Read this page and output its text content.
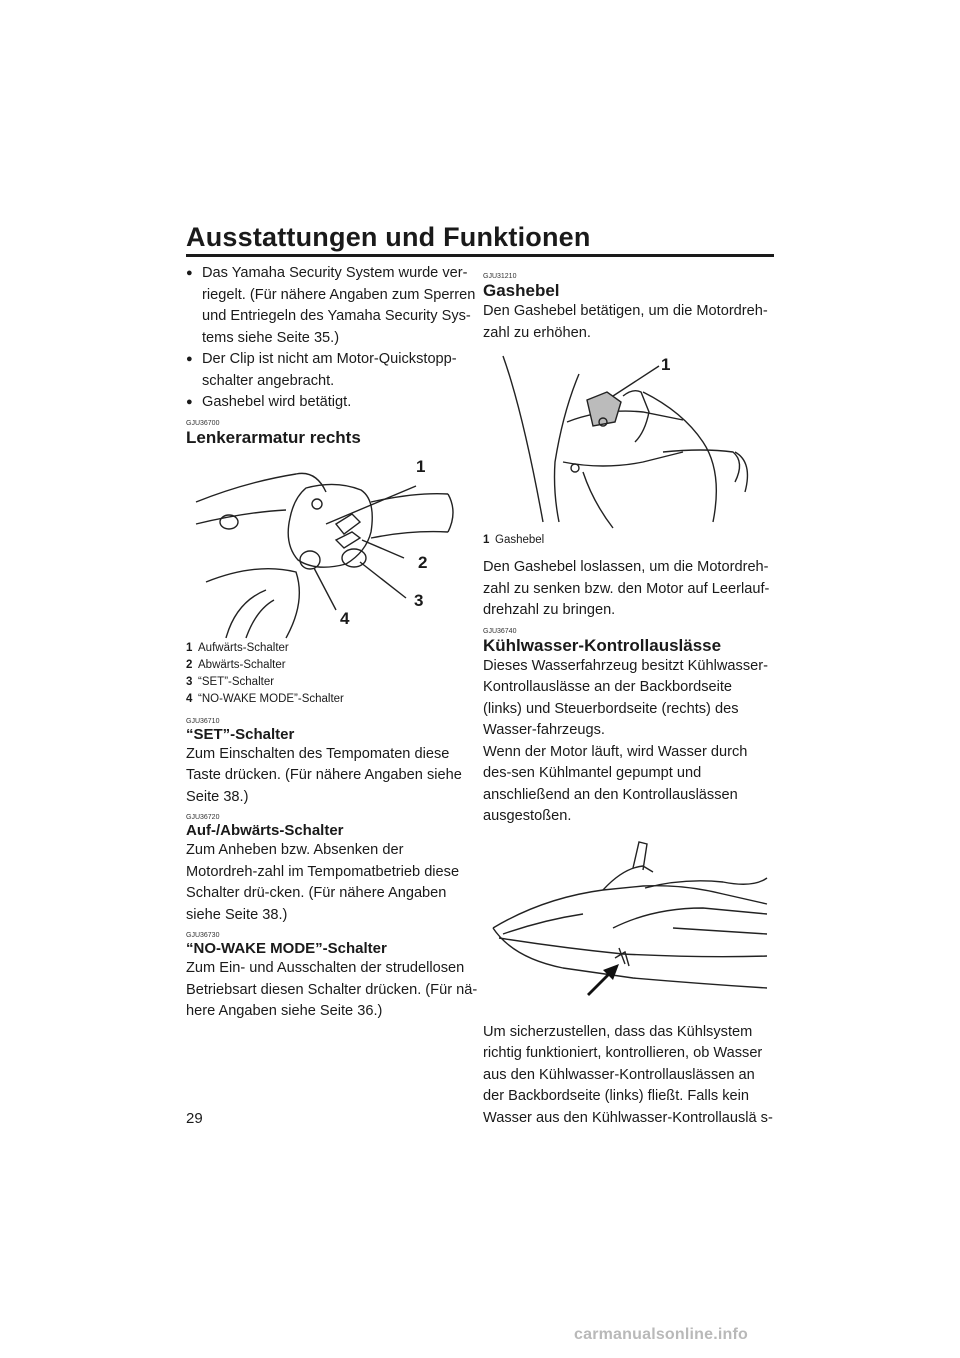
Ausstattungen und Funktionen

● Das Yamaha Security System wurde ver-riegelt. (Für nähere Angaben zum Sperren und Entriegeln des Yamaha Security Sys-tems siehe Seite 35.)

● Der Clip ist nicht am Motor-Quickstopp-schalter angebracht.

● Gashebel wird betätigt.

GJU36700

Lenkerarmatur rechts

1
2
3
4

1 Aufwärts-Schalter

2 Abwärts-Schalter

3 “SET”-Schalter

4 “NO-WAKE MODE”-Schalter

GJU36710

“SET”-Schalter

Zum Einschalten des Tempomaten diese Taste drücken. (Für nähere Angaben siehe Seite 38.)

GJU36720

Auf-/Abwärts-Schalter

Zum Anheben bzw. Absenken der Motordreh-zahl im Tempomatbetrieb diese Schalter drü-cken. (Für nähere Angaben siehe Seite 38.)

GJU36730

“NO-WAKE MODE”-Schalter

Zum Ein- und Ausschalten der strudellosen Betriebsart diesen Schalter drücken. (Für nä-here Angaben siehe Seite 36.)

GJU31210

Gashebel

Den Gashebel betätigen, um die Motordreh-zahl zu erhöhen.

1

1 Gashebel

Den Gashebel loslassen, um die Motordreh-zahl zu senken bzw. den Motor auf Leerlauf-drehzahl zu bringen.

GJU36740

Kühlwasser-Kontrollauslässe

Dieses Wasserfahrzeug besitzt Kühlwasser-Kontrollauslässe an der Backbordseite (links) und Steuerbordseite (rechts) des Wasser-fahrzeugs.

Wenn der Motor läuft, wird Wasser durch des-sen Kühlmantel gepumpt und anschließend an den Kontrollauslässen ausgestoßen.

Um sicherzustellen, dass das Kühlsystem richtig funktioniert, kontrollieren, ob Wasser aus den Kühlwasser-Kontrollauslässen an der Backbordseite (links) fließt. Falls kein Wasser aus den Kühlwasser-Kontrollauslä s-

29
carmanualsonline.info
